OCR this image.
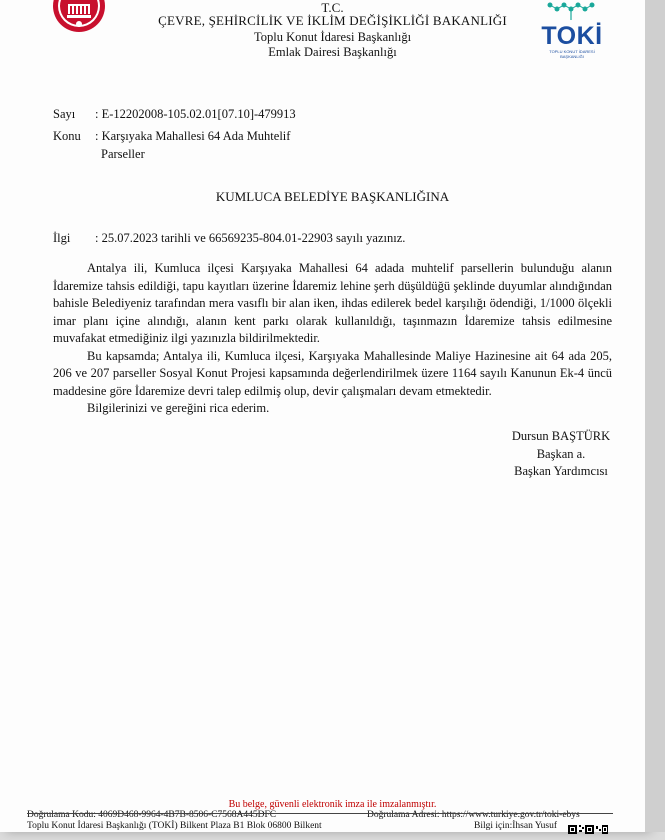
TOKİ
TOPLU KONUT İDARESİ BAŞKANLIĞI
T.C.
ÇEVRE, ŞEHİRCİLİK VE İKLİM DEĞİŞİKLİĞİ BAKANLIĞI
Toplu Konut İdaresi Başkanlığı
Emlak Dairesi Başkanlığı
Sayı : E-12202008-105.02.01[07.10]-479913
Konu : Karşıyaka Mahallesi 64 Ada Muhtelif
Parseller
KUMLUCA BELEDİYE BAŞKANLIĞINA
İlgi : 25.07.2023 tarihli ve 66569235-804.01-22903 sayılı yazınız.

Antalya ili, Kumluca ilçesi Karşıyaka Mahallesi 64 adada muhtelif parsellerin bulunduğu alanın İdaremize tahsis edildiği, tapu kayıtları üzerine İdaremiz lehine şerh düşüldüğü şeklinde duyumlar alındığından bahisle Belediyeniz tarafından mera vasıflı bir alan iken, ihdas edilerek bedel karşılığı ödendiği, 1/1000 ölçekli imar planı içine alındığı, alanın kent parkı olarak kullanıldığı, taşınmazın İdaremize tahsis edilmesine muvafakat etmediğiniz ilgi yazınızla bildirilmektedir.

Bu kapsamda; Antalya ili, Kumluca ilçesi, Karşıyaka Mahallesinde Maliye Hazinesine ait 64 ada 205, 206 ve 207 parseller Sosyal Konut Projesi kapsamında değerlendirilmek üzere 1164 sayılı Kanunun Ek-4 üncü maddesine göre İdaremize devri talep edilmiş olup, devir çalışmaları devam etmektedir.

Bilgilerinizi ve gereğini rica ederim.

Dursun BAŞTÜRK
Başkan a.
Başkan Yardımcısı
Bu belge, güvenli elektronik imza ile imzalanmıştır.
Doğrulama Kodu: 4069D468-9964-4B7B-8506-C7568A445DFC	Doğrulama Adresi: https://www.turkiye.gov.tr/toki-ebys
Toplu Konut İdaresi Başkanlığı (TOKİ) Bilkent Plaza B1 Blok 06800 Bilkent	Bilgi için:İhsan Yusuf
